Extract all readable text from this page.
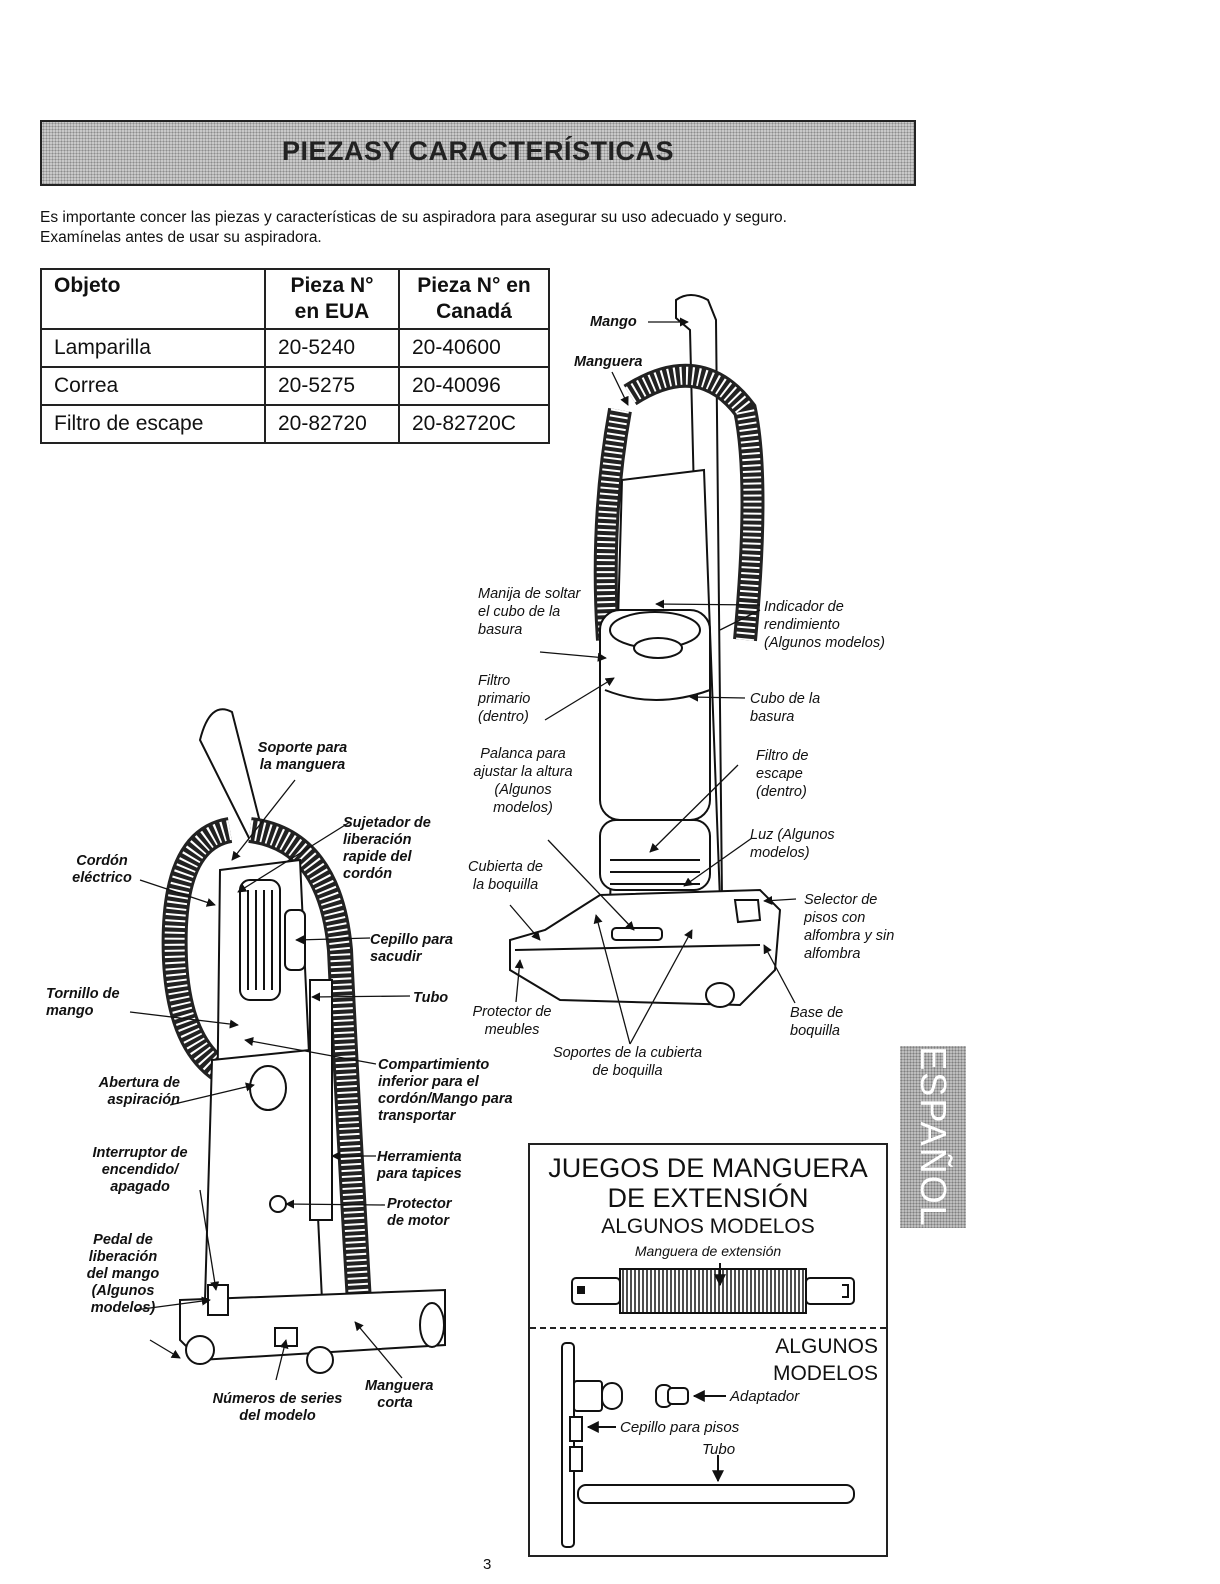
PIEZASY CARACTERÍSTICAS
Es importante concer las piezas y características de su aspiradora para asegurar su uso adecuado y seguro.
Examínelas antes de usar su aspiradora.
Objeto	Pieza N° en EUA	Pieza N° en Canadá
Lamparilla	20-5240	20-40600
Correa	20-5275	20-40096
Filtro de escape	20-82720	20-82720C
Mango
Manguera
Manija de soltar el cubo de la basura
Indicador de rendimiento (Algunos modelos)
Filtro primario (dentro)
Cubo de la basura
Palanca para ajustar la altura (Algunos modelos)
Filtro de escape (dentro)
Luz (Algunos modelos)
Cubierta de la boquilla
Selector de pisos con alfombra y sin alfombra
Protector de meubles
Base de boquilla
Soportes de la cubierta de boquilla
Soporte para la manguera
Sujetador de liberación rapide del cordón
Cordón eléctrico
Cepillo para sacudir
Tornillo de mango
Tubo
Compartimiento inferior para el cordón/Mango para transportar
Abertura de aspiración
Interruptor de encendido/ apagado
Herramienta para tapices
Protector de motor
Pedal de liberación del mango (Algunos modelos)
Números de series del modelo
Manguera corta
JUEGOS DE MANGUERA DE EXTENSIÓN
ALGUNOS MODELOS
Manguera de extensión
ALGUNOS MODELOS
Adaptador
Cepillo para pisos
Tubo
ESPAÑOL
3
